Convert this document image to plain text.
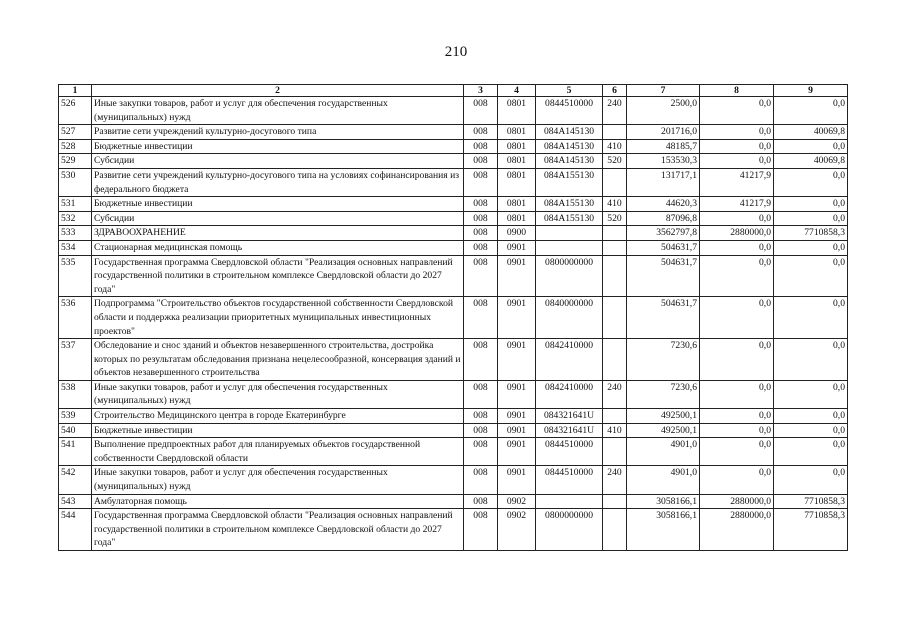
210
1	2	3	4	5	6	7	8	9
526	Иные закупки товаров, работ и услуг для обеспечения государственных (муниципальных) нужд	008	0801	0844510000	240	2500,0	0,0	0,0
527	Развитие сети учреждений культурно-досугового типа	008	0801	084А145130		201716,0	0,0	40069,8
528	Бюджетные инвестиции	008	0801	084А145130	410	48185,7	0,0	0,0
529	Субсидии	008	0801	084А145130	520	153530,3	0,0	40069,8
530	Развитие сети учреждений культурно-досугового типа на условиях софинансирования из федерального бюджета	008	0801	084А155130		131717,1	41217,9	0,0
531	Бюджетные инвестиции	008	0801	084А155130	410	44620,3	41217,9	0,0
532	Субсидии	008	0801	084А155130	520	87096,8	0,0	0,0
533	ЗДРАВООХРАНЕНИЕ	008	0900			3562797,8	2880000,0	7710858,3
534	Стационарная медицинская помощь	008	0901			504631,7	0,0	0,0
535	Государственная программа Свердловской области "Реализация основных направлений государственной политики в строительном комплексе Свердловской области до 2027 года"	008	0901	0800000000		504631,7	0,0	0,0
536	Подпрограмма "Строительство объектов государственной собственности Свердловской области и поддержка реализации приоритетных муниципальных инвестиционных проектов"	008	0901	0840000000		504631,7	0,0	0,0
537	Обследование и снос зданий и объектов незавершенного строительства, достройка которых по результатам обследования признана нецелесообразной, консервация зданий и объектов незавершенного строительства	008	0901	0842410000		7230,6	0,0	0,0
538	Иные закупки товаров, работ и услуг для обеспечения государственных (муниципальных) нужд	008	0901	0842410000	240	7230,6	0,0	0,0
539	Строительство Медицинского центра в городе Екатеринбурге	008	0901	084321641U		492500,1	0,0	0,0
540	Бюджетные инвестиции	008	0901	084321641U	410	492500,1	0,0	0,0
541	Выполнение предпроектных работ для планируемых объектов государственной собственности Свердловской области	008	0901	0844510000		4901,0	0,0	0,0
542	Иные закупки товаров, работ и услуг для обеспечения государственных (муниципальных) нужд	008	0901	0844510000	240	4901,0	0,0	0,0
543	Амбулаторная помощь	008	0902			3058166,1	2880000,0	7710858,3
544	Государственная программа Свердловской области "Реализация основных направлений государственной политики в строительном комплексе Свердловской области до 2027 года"	008	0902	0800000000		3058166,1	2880000,0	7710858,3
